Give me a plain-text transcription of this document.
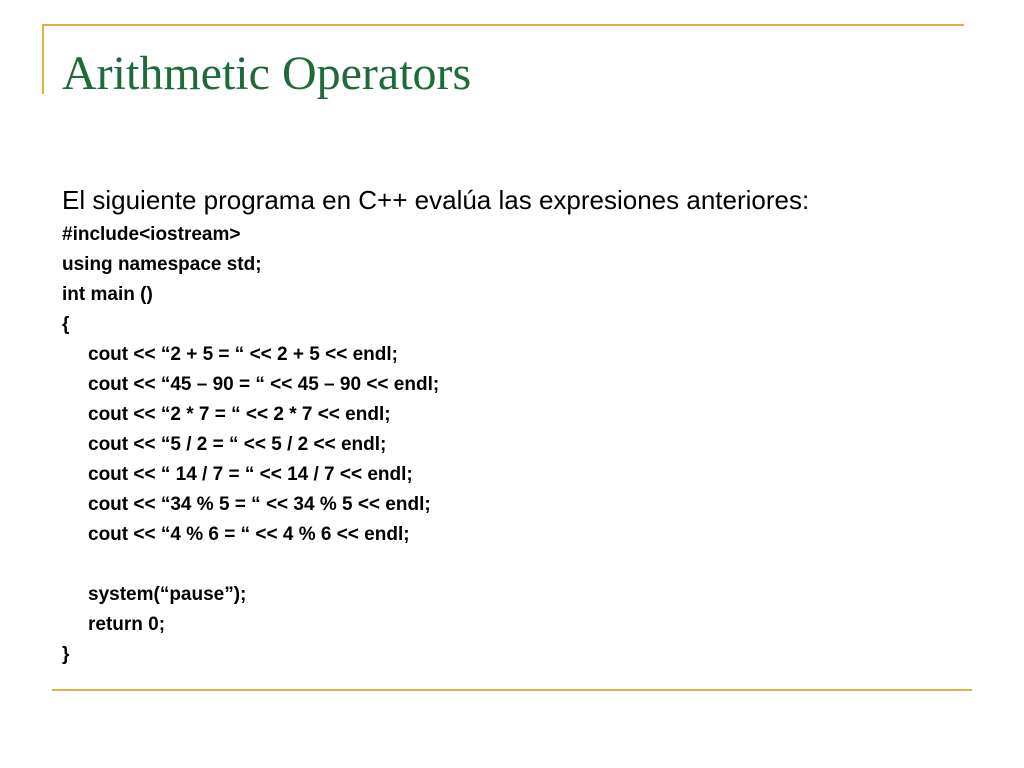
Arithmetic Operators

El siguiente programa en C++ evalúa las expresiones anteriores:

#include<iostream>
using namespace std;
int main ()
{
cout << “2 + 5 = “ << 2 + 5 << endl;
cout << “45 – 90 = “ << 45 – 90 << endl;
cout << “2 * 7 = “ << 2 * 7 << endl;
cout << “5 / 2 = “ << 5 / 2 << endl;
cout << “ 14 / 7 = “ << 14 / 7 << endl;
cout << “34 % 5 = “ << 34 % 5 << endl;
cout << “4 % 6 = “ << 4 % 6 << endl;
system(“pause”);
return 0;
}
